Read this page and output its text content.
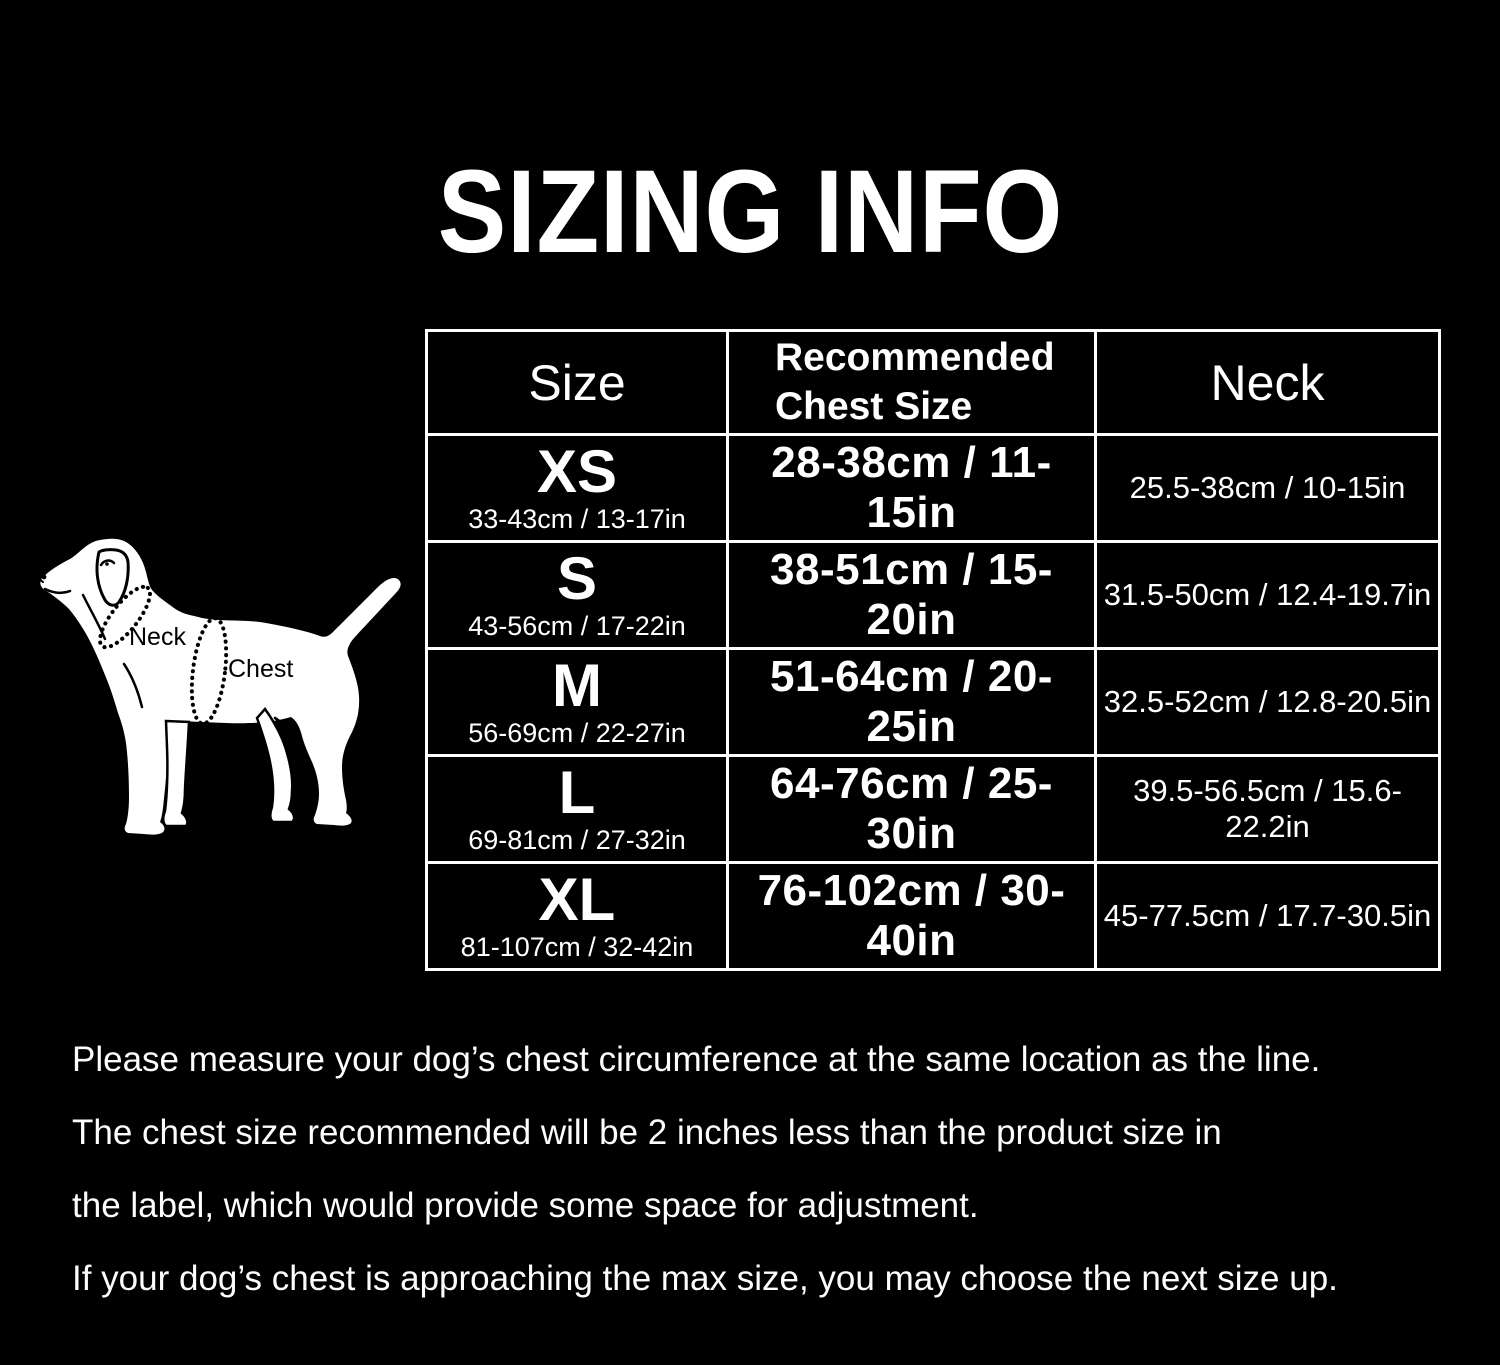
SIZING INFO
Neck
Chest
Size	Recommended Chest Size	Neck

XS
33-43cm / 13-17in	28-38cm / 11-15in	25.5-38cm / 10-15in

S
43-56cm / 17-22in	38-51cm / 15-20in	31.5-50cm / 12.4-19.7in

M
56-69cm / 22-27in	51-64cm / 20-25in	32.5-52cm / 12.8-20.5in

L
69-81cm / 27-32in	64-76cm / 25-30in	39.5-56.5cm / 15.6-22.2in

XL
81-107cm / 32-42in	76-102cm / 30-40in	45-77.5cm / 17.7-30.5in

Please measure your dog’s chest circumference at the same location as the line.

The chest size recommended will be 2 inches less than the product size in

the label, which would provide some space for adjustment.

If your dog’s chest is approaching the max size, you may choose the next size up.
